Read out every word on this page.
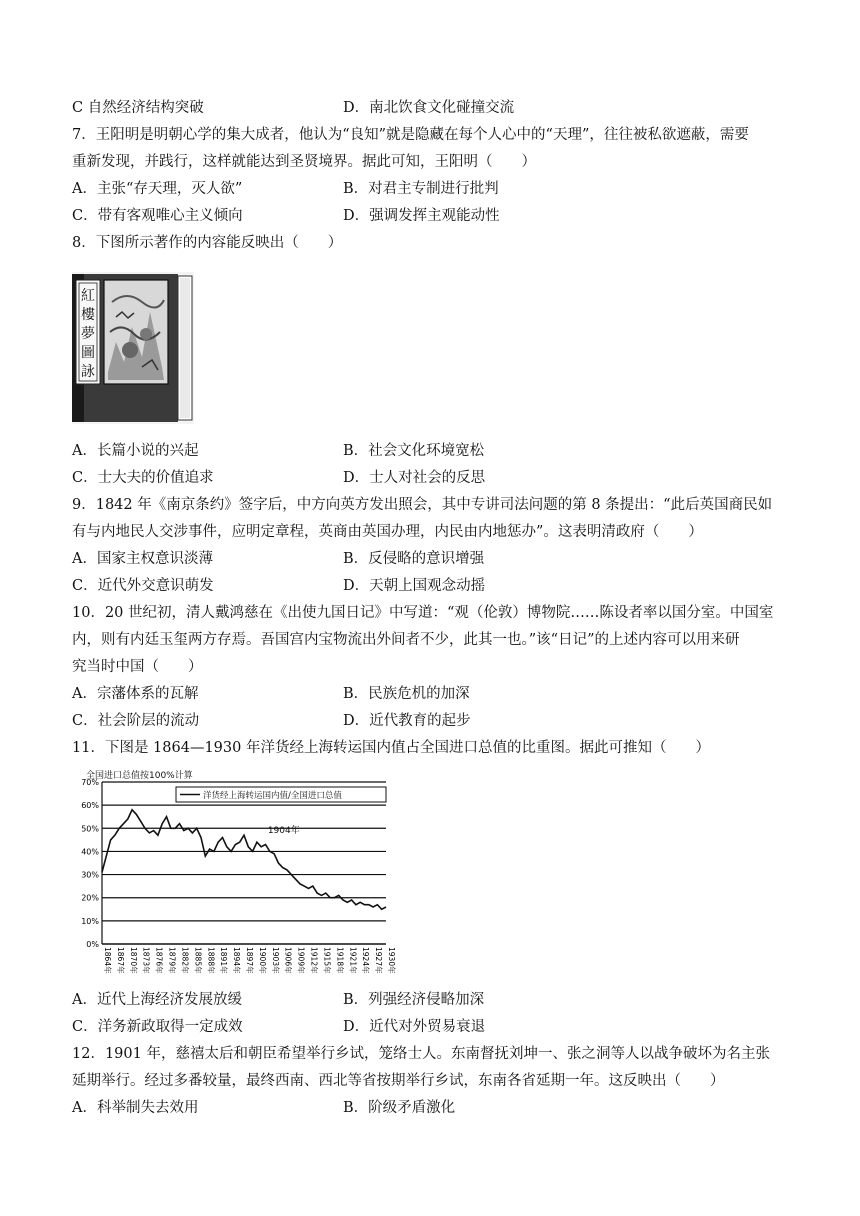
C 自然经济结构突破	D．南北饮食文化碰撞交流
7．王阳明是明朝心学的集大成者，他认为“良知”就是隐藏在每个人心中的“天理”，往往被私欲遮蔽，需要
重新发现，并践行，这样就能达到圣贤境界。据此可知，王阳明（　　）
A．主张“存天理，灭人欲”	B．对君主专制进行批判
C．带有客观唯心主义倾向	D．强调发挥主观能动性
8．下图所示著作的内容能反映出（　　）
紅
樓
夢
圖
詠
A．长篇小说的兴起	B．社会文化环境宽松
C．士大夫的价值追求	D．士人对社会的反思
9．1842 年《南京条约》签字后，中方向英方发出照会，其中专讲司法问题的第 8 条提出：“此后英国商民如
有与内地民人交涉事件，应明定章程，英商由英国办理，内民由内地惩办”。这表明清政府（　　）
A．国家主权意识淡薄	B．反侵略的意识增强
C．近代外交意识萌发	D．天朝上国观念动摇
10．20 世纪初，清人戴鸿慈在《出使九国日记》中写道：“观（伦敦）博物院……陈设者率以国分室。中国室
内，则有内廷玉玺两方存焉。吾国宫内宝物流出外间者不少，此其一也。”该“日记”的上述内容可以用来研
究当时中国（　　）
A．宗藩体系的瓦解	B．民族危机的加深
C．社会阶层的流动	D．近代教育的起步
11．下图是 1864—1930 年洋货经上海转运国内值占全国进口总值的比重图。据此可推知（　　）
全国进口总值按100%计算
0%
10%
20%
30%
40%
50%
60%
70%
1864年 1867年 1870年 1873年 1876年 1879年 1882年 1885年 1888年 1891年 1894年 1897年 1900年 1903年 1906年 1909年 1912年 1915年 1918年 1921年 1924年 1927年 1930年
洋货经上海转运国内值/全国进口总值
1904年
A．近代上海经济发展放缓	B．列强经济侵略加深
C．洋务新政取得一定成效	D．近代对外贸易衰退
12．1901 年，慈禧太后和朝臣希望举行乡试，笼络士人。东南督抚刘坤一、张之洞等人以战争破坏为名主张
延期举行。经过多番较量，最终西南、西北等省按期举行乡试，东南各省延期一年。这反映出（　　）
A．科举制失去效用	B．阶级矛盾激化
